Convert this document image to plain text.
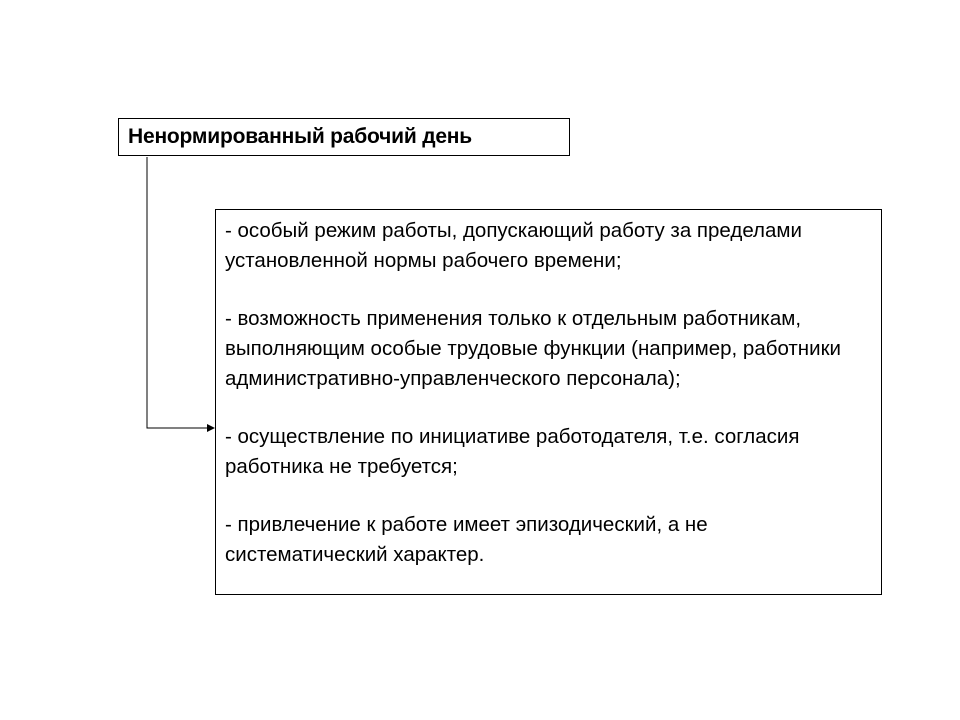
Ненормированный рабочий день
- особый режим работы, допускающий работу за пределами установленной нормы рабочего времени;
- возможность применения только к отдельным работникам, выполняющим особые трудовые функции (например, работники административно-управленческого персонала);
- осуществление по инициативе работодателя, т.е. согласия работника не требуется;
- привлечение к работе имеет эпизодический, а не систематический характер.
